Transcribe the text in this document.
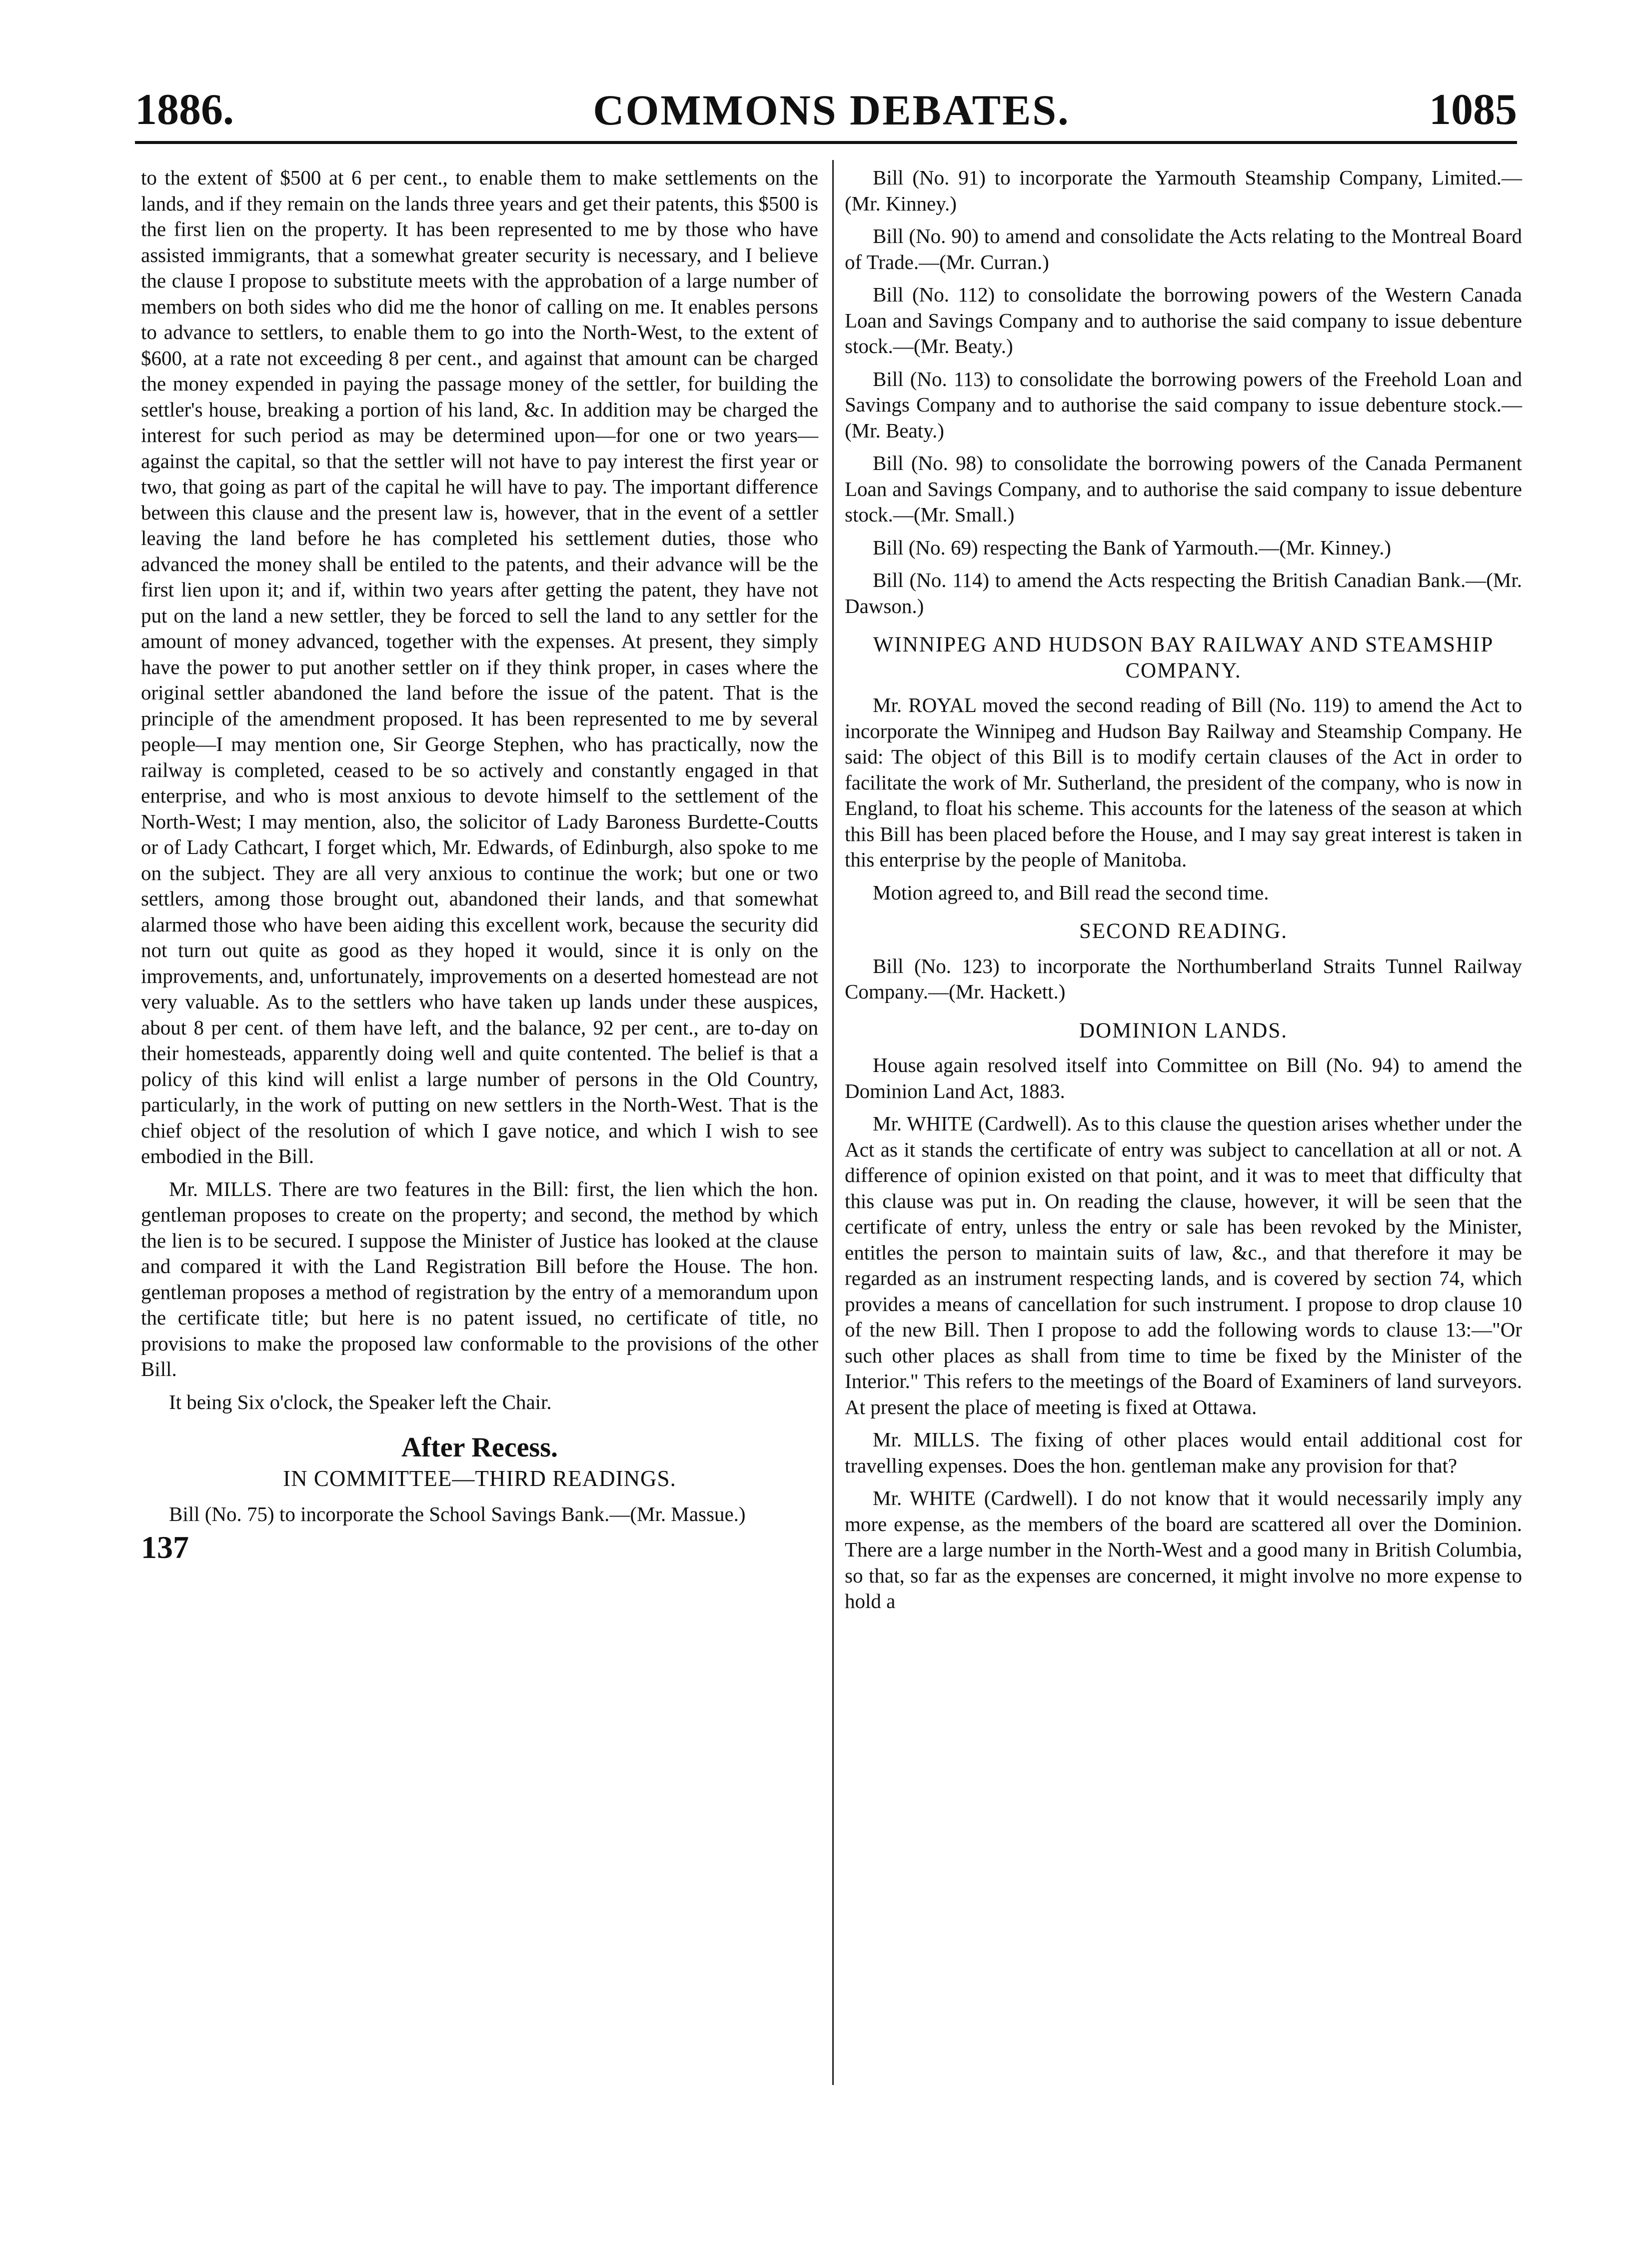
1886.	COMMONS DEBATES.	1085

to the extent of $500 at 6 per cent., to enable them to make settlements on the lands, and if they remain on the lands three years and get their patents, this $500 is the first lien on the property. It has been represented to me by those who have assisted immigrants, that a somewhat greater security is necessary, and I believe the clause I propose to substitute meets with the approbation of a large number of members on both sides who did me the honor of calling on me. It enables persons to advance to settlers, to enable them to go into the North-West, to the extent of $600, at a rate not exceeding 8 per cent., and against that amount can be charged the money expended in paying the passage money of the settler, for building the settler's house, breaking a portion of his land, &c. In addition may be charged the interest for such period as may be determined upon—for one or two years—against the capital, so that the settler will not have to pay interest the first year or two, that going as part of the capital he will have to pay. The important difference between this clause and the present law is, however, that in the event of a settler leaving the land before he has completed his settlement duties, those who advanced the money shall be entiled to the patents, and their advance will be the first lien upon it; and if, within two years after getting the patent, they have not put on the land a new settler, they be forced to sell the land to any settler for the amount of money advanced, together with the expenses. At present, they simply have the power to put another settler on if they think proper, in cases where the original settler abandoned the land before the issue of the patent. That is the principle of the amendment proposed. It has been represented to me by several people—I may mention one, Sir George Stephen, who has practically, now the railway is completed, ceased to be so actively and constantly engaged in that enterprise, and who is most anxious to devote himself to the settlement of the North-West; I may mention, also, the solicitor of Lady Baroness Burdette-Coutts or of Lady Cathcart, I forget which, Mr. Edwards, of Edinburgh, also spoke to me on the subject. They are all very anxious to continue the work; but one or two settlers, among those brought out, abandoned their lands, and that somewhat alarmed those who have been aiding this excellent work, because the security did not turn out quite as good as they hoped it would, since it is only on the improvements, and, unfortunately, improvements on a deserted homestead are not very valuable. As to the settlers who have taken up lands under these auspices, about 8 per cent. of them have left, and the balance, 92 per cent., are to-day on their homesteads, apparently doing well and quite contented. The belief is that a policy of this kind will enlist a large number of persons in the Old Country, particularly, in the work of putting on new settlers in the North-West. That is the chief object of the resolution of which I gave notice, and which I wish to see embodied in the Bill.

Mr. MILLS. There are two features in the Bill: first, the lien which the hon. gentleman proposes to create on the property; and second, the method by which the lien is to be secured. I suppose the Minister of Justice has looked at the clause and compared it with the Land Registration Bill before the House. The hon. gentleman proposes a method of registration by the entry of a memorandum upon the certificate title; but here is no patent issued, no certificate of title, no provisions to make the proposed law conformable to the provisions of the other Bill.

It being Six o'clock, the Speaker left the Chair.

After Recess.
IN COMMITTEE—THIRD READINGS.

Bill (No. 75) to incorporate the School Savings Bank.—(Mr. Massue.)

137

Bill (No. 91) to incorporate the Yarmouth Steamship Company, Limited.—(Mr. Kinney.)

Bill (No. 90) to amend and consolidate the Acts relating to the Montreal Board of Trade.—(Mr. Curran.)

Bill (No. 112) to consolidate the borrowing powers of the Western Canada Loan and Savings Company and to authorise the said company to issue debenture stock.—(Mr. Beaty.)

Bill (No. 113) to consolidate the borrowing powers of the Freehold Loan and Savings Company and to authorise the said company to issue debenture stock.—(Mr. Beaty.)

Bill (No. 98) to consolidate the borrowing powers of the Canada Permanent Loan and Savings Company, and to authorise the said company to issue debenture stock.—(Mr. Small.)

Bill (No. 69) respecting the Bank of Yarmouth.—(Mr. Kinney.)

Bill (No. 114) to amend the Acts respecting the British Canadian Bank.—(Mr. Dawson.)

WINNIPEG AND HUDSON BAY RAILWAY AND STEAMSHIP COMPANY.

Mr. ROYAL moved the second reading of Bill (No. 119) to amend the Act to incorporate the Winnipeg and Hudson Bay Railway and Steamship Company. He said: The object of this Bill is to modify certain clauses of the Act in order to facilitate the work of Mr. Sutherland, the president of the company, who is now in England, to float his scheme. This accounts for the lateness of the season at which this Bill has been placed before the House, and I may say great interest is taken in this enterprise by the people of Manitoba.

Motion agreed to, and Bill read the second time.

SECOND READING.

Bill (No. 123) to incorporate the Northumberland Straits Tunnel Railway Company.—(Mr. Hackett.)

DOMINION LANDS.

House again resolved itself into Committee on Bill (No. 94) to amend the Dominion Land Act, 1883.

Mr. WHITE (Cardwell). As to this clause the question arises whether under the Act as it stands the certificate of entry was subject to cancellation at all or not. A difference of opinion existed on that point, and it was to meet that difficulty that this clause was put in. On reading the clause, however, it will be seen that the certificate of entry, unless the entry or sale has been revoked by the Minister, entitles the person to maintain suits of law, &c., and that therefore it may be regarded as an instrument respecting lands, and is covered by section 74, which provides a means of cancellation for such instrument. I propose to drop clause 10 of the new Bill. Then I propose to add the following words to clause 13:—"Or such other places as shall from time to time be fixed by the Minister of the Interior." This refers to the meetings of the Board of Examiners of land surveyors. At present the place of meeting is fixed at Ottawa.

Mr. MILLS. The fixing of other places would entail additional cost for travelling expenses. Does the hon. gentleman make any provision for that?

Mr. WHITE (Cardwell). I do not know that it would necessarily imply any more expense, as the members of the board are scattered all over the Dominion. There are a large number in the North-West and a good many in British Columbia, so that, so far as the expenses are concerned, it might involve no more expense to hold a
